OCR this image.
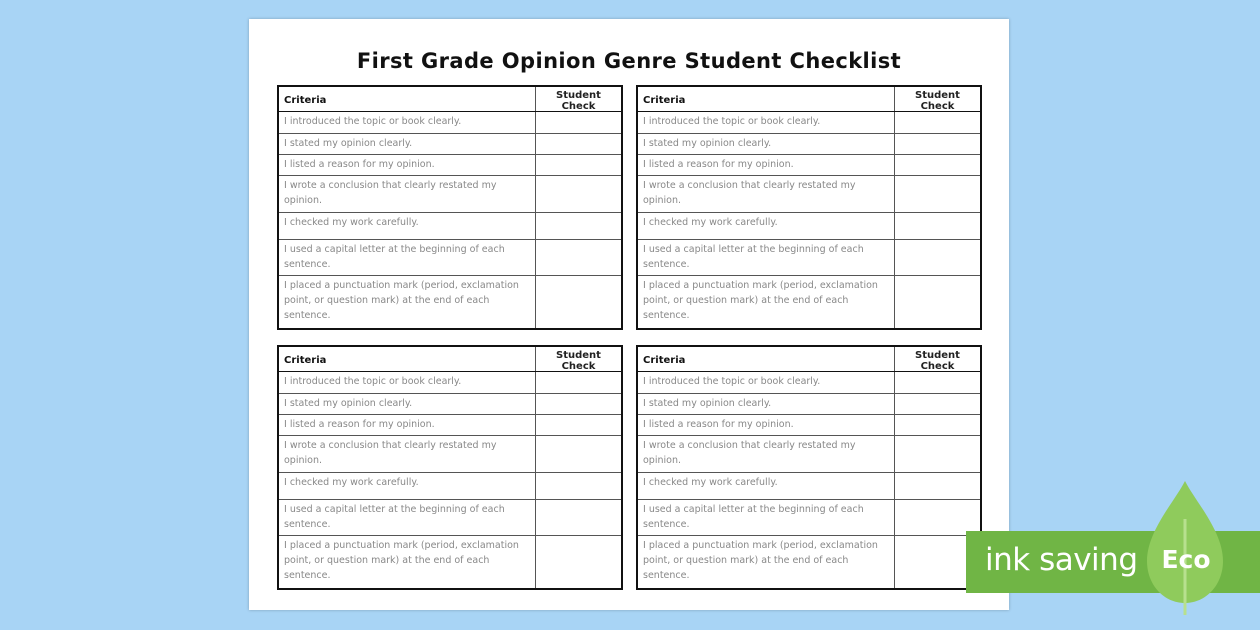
First Grade Opinion Genre Student Checklist
Criteria	Student Check
I introduced the topic or book clearly.
I stated my opinion clearly.
I listed a reason for my opinion.
I wrote a conclusion that clearly restated my opinion.
I checked my work carefully.
I used a capital letter at the beginning of each sentence.
I placed a punctuation mark (period, exclamation point, or question mark) at the end of each sentence.
Criteria	Student Check
I introduced the topic or book clearly.
I stated my opinion clearly.
I listed a reason for my opinion.
I wrote a conclusion that clearly restated my opinion.
I checked my work carefully.
I used a capital letter at the beginning of each sentence.
I placed a punctuation mark (period, exclamation point, or question mark) at the end of each sentence.
Criteria	Student Check
I introduced the topic or book clearly.
I stated my opinion clearly.
I listed a reason for my opinion.
I wrote a conclusion that clearly restated my opinion.
I checked my work carefully.
I used a capital letter at the beginning of each sentence.
I placed a punctuation mark (period, exclamation point, or question mark) at the end of each sentence.
Criteria	Student Check
I introduced the topic or book clearly.
I stated my opinion clearly.
I listed a reason for my opinion.
I wrote a conclusion that clearly restated my opinion.
I checked my work carefully.
I used a capital letter at the beginning of each sentence.
I placed a punctuation mark (period, exclamation point, or question mark) at the end of each sentence.	ink saving Eco
